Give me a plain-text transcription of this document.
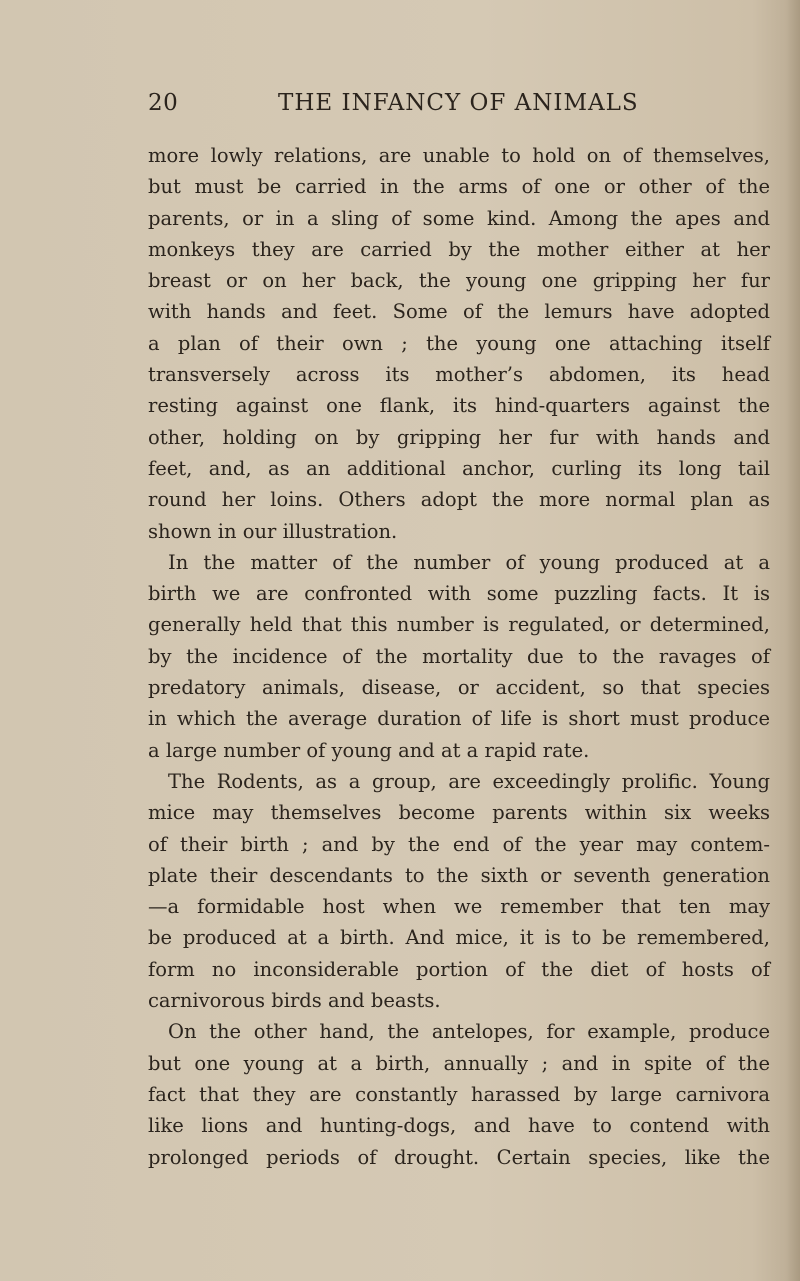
20	THE INFANCY OF ANIMALS
more lowly relations, are unable to hold on of themselves,
but must be carried in the arms of one or other of the
parents, or in a sling of some kind. Among the apes and
monkeys they are carried by the mother either at her
breast or on her back, the young one gripping her fur
with hands and feet. Some of the lemurs have adopted
a plan of their own ; the young one attaching itself
transversely across its mother’s abdomen, its head
resting against one flank, its hind-quarters against the
other, holding on by gripping her fur with hands and
feet, and, as an additional anchor, curling its long tail
round her loins. Others adopt the more normal plan as
shown in our illustration.
In the matter of the number of young produced at a
birth we are confronted with some puzzling facts. It is
generally held that this number is regulated, or determined,
by the incidence of the mortality due to the ravages of
predatory animals, disease, or accident, so that species
in which the average duration of life is short must produce
a large number of young and at a rapid rate.
The Rodents, as a group, are exceedingly prolific. Young
mice may themselves become parents within six weeks
of their birth ; and by the end of the year may contem-
plate their descendants to the sixth or seventh generation
—a formidable host when we remember that ten may
be produced at a birth. And mice, it is to be remembered,
form no inconsiderable portion of the diet of hosts of
carnivorous birds and beasts.
On the other hand, the antelopes, for example, produce
but one young at a birth, annually ; and in spite of the
fact that they are constantly harassed by large carnivora
like lions and hunting-dogs, and have to contend with
prolonged periods of drought. Certain species, like the
